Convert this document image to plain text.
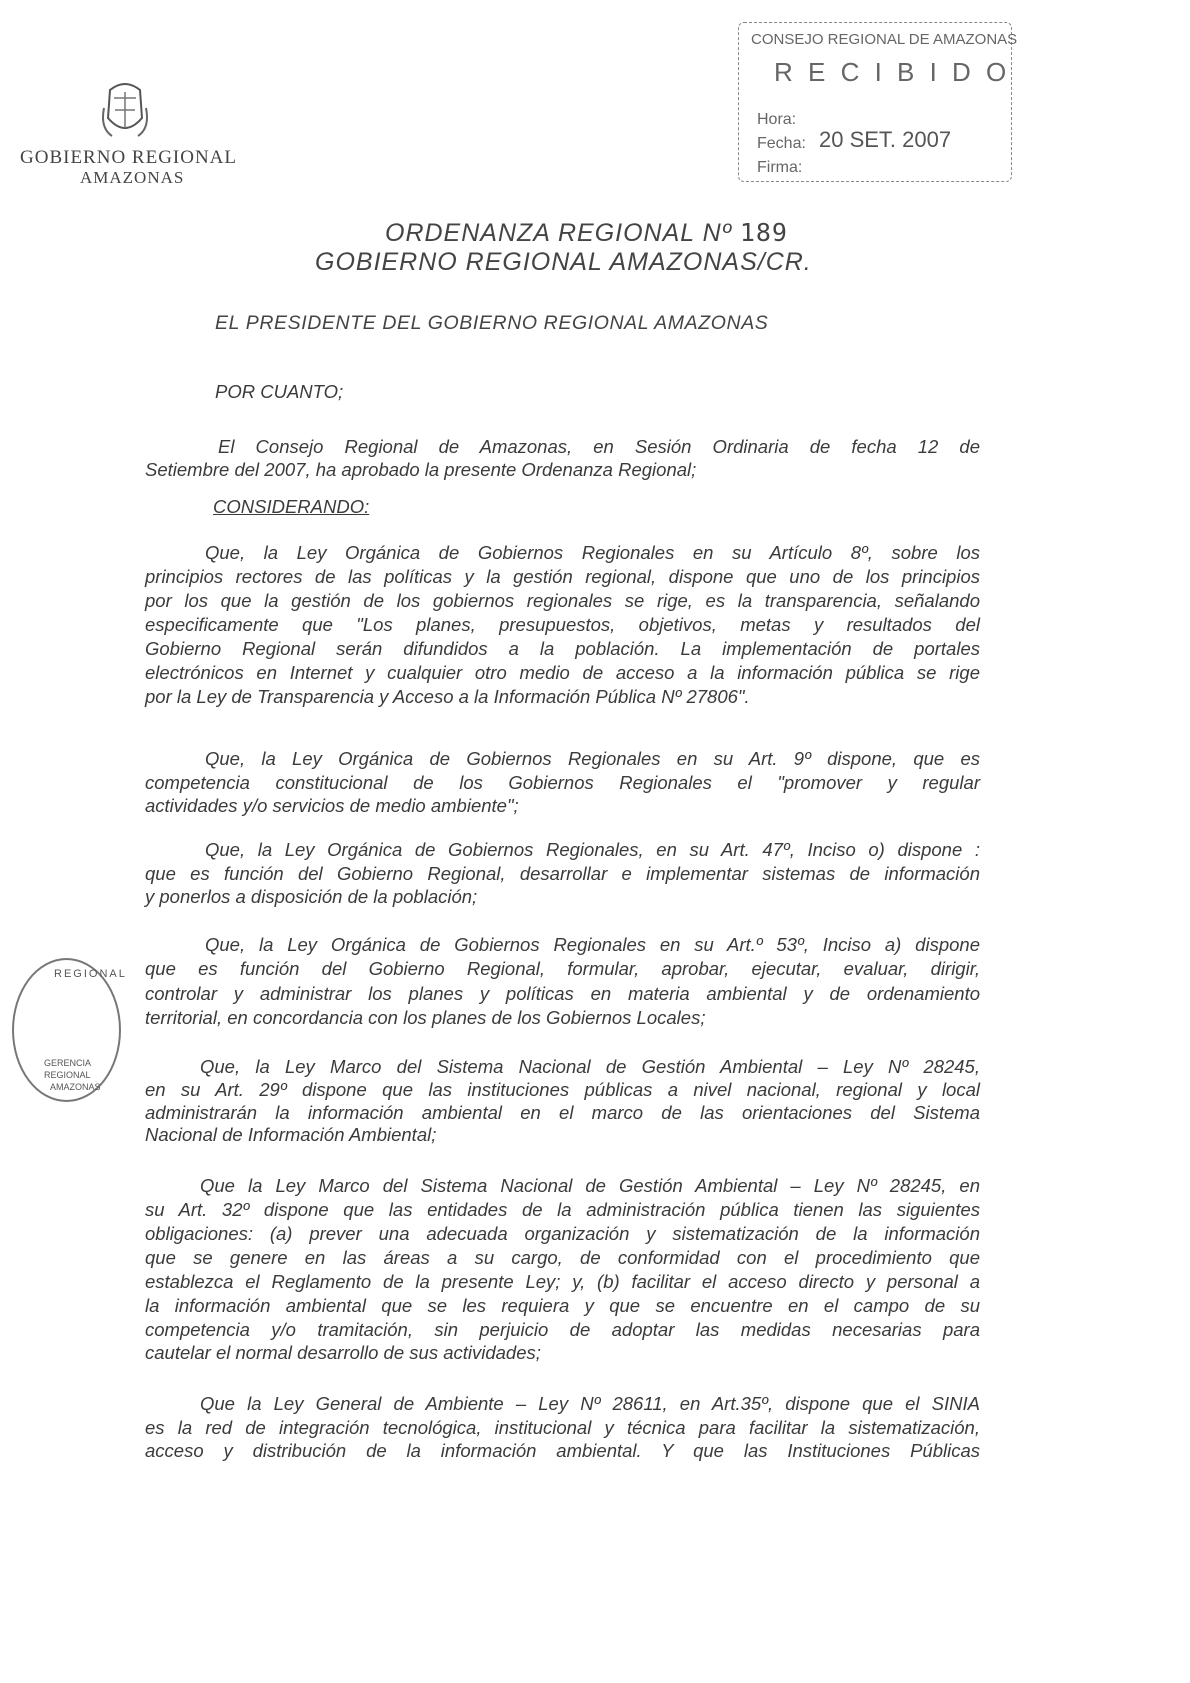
GOBIERNO REGIONAL
AMAZONAS
CONSEJO REGIONAL DE AMAZONAS
R E C I B I D O
Hora:
Fecha: 20 SET. 2007
Firma:
ORDENANZA REGIONAL Nº 189
GOBIERNO REGIONAL AMAZONAS/CR.
EL PRESIDENTE DEL GOBIERNO REGIONAL AMAZONAS
POR CUANTO;
El Consejo Regional de Amazonas, en Sesión Ordinaria de fecha 12 de
Setiembre del 2007, ha aprobado la presente Ordenanza Regional;
CONSIDERANDO:
Que, la Ley Orgánica de Gobiernos Regionales en su Artículo 8º, sobre los
principios rectores de las políticas y la gestión regional, dispone que uno de los principios
por los que la gestión de los gobiernos regionales se rige, es la transparencia, señalando
especificamente que "Los planes, presupuestos, objetivos, metas y resultados del
Gobierno Regional serán difundidos a la población. La implementación de portales
electrónicos en Internet y cualquier otro medio de acceso a la información pública se rige
por la Ley de Transparencia y Acceso a la Información Pública Nº 27806".
Que, la Ley Orgánica de Gobiernos Regionales en su Art. 9º dispone, que es
competencia constitucional de los Gobiernos Regionales el "promover y regular
actividades y/o servicios de medio ambiente";
Que, la Ley Orgánica de Gobiernos Regionales, en su Art. 47º, Inciso o) dispone :
que es función del Gobierno Regional, desarrollar e implementar sistemas de información
y ponerlos a disposición de la población;
Que, la Ley Orgánica de Gobiernos Regionales en su Art.º 53º, Inciso a) dispone
que es función del Gobierno Regional, formular, aprobar, ejecutar, evaluar, dirigir,
controlar y administrar los planes y políticas en materia ambiental y de ordenamiento
territorial, en concordancia con los planes de los Gobiernos Locales;
Que, la Ley Marco del Sistema Nacional de Gestión Ambiental – Ley Nº 28245,
en su Art. 29º dispone que las instituciones públicas a nivel nacional, regional y local
administrarán la información ambiental en el marco de las orientaciones del Sistema
Nacional de Información Ambiental;
Que la Ley Marco del Sistema Nacional de Gestión Ambiental – Ley Nº 28245, en
su Art. 32º dispone que las entidades de la administración pública tienen las siguientes
obligaciones: (a) prever una adecuada organización y sistematización de la información
que se genere en las áreas a su cargo, de conformidad con el procedimiento que
establezca el Reglamento de la presente Ley; y, (b) facilitar el acceso directo y personal a
la información ambiental que se les requiera y que se encuentre en el campo de su
competencia y/o tramitación, sin perjuicio de adoptar las medidas necesarias para
cautelar el normal desarrollo de sus actividades;
Que la Ley General de Ambiente – Ley Nº 28611, en Art.35º, dispone que el SINIA
es la red de integración tecnológica, institucional y técnica para facilitar la sistematización,
acceso y distribución de la información ambiental. Y que las Instituciones Públicas
REGIONAL
GERENCIA
REGIONAL
AMAZONAS
